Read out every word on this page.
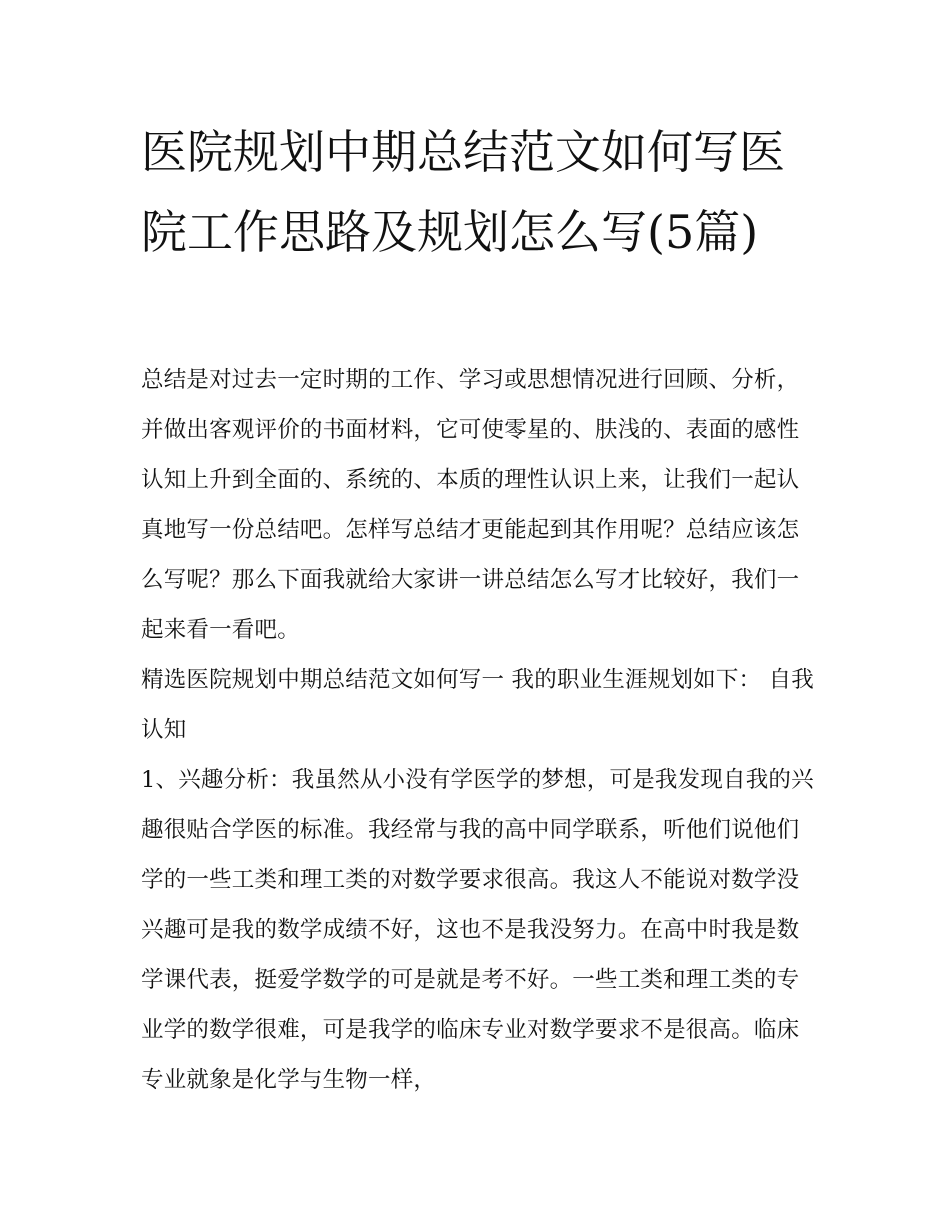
医院规划中期总结范文如何写医院工作思路及规划怎么写(5篇)

总结是对过去一定时期的工作、学习或思想情况进行回顾、分析，并做出客观评价的书面材料，它可使零星的、肤浅的、表面的感性认知上升到全面的、系统的、本质的理性认识上来，让我们一起认真地写一份总结吧。怎样写总结才更能起到其作用呢？总结应该怎么写呢？那么下面我就给大家讲一讲总结怎么写才比较好，我们一起来看一看吧。

精选医院规划中期总结范文如何写一 我的职业生涯规划如下： 自我认知

1、兴趣分析：我虽然从小没有学医学的梦想，可是我发现自我的兴趣很贴合学医的标准。我经常与我的高中同学联系，听他们说他们学的一些工类和理工类的对数学要求很高。我这人不能说对数学没兴趣可是我的数学成绩不好，这也不是我没努力。在高中时我是数学课代表，挺爱学数学的可是就是考不好。一些工类和理工类的专业学的数学很难，可是我学的临床专业对数学要求不是很高。临床专业就象是化学与生物一样，
